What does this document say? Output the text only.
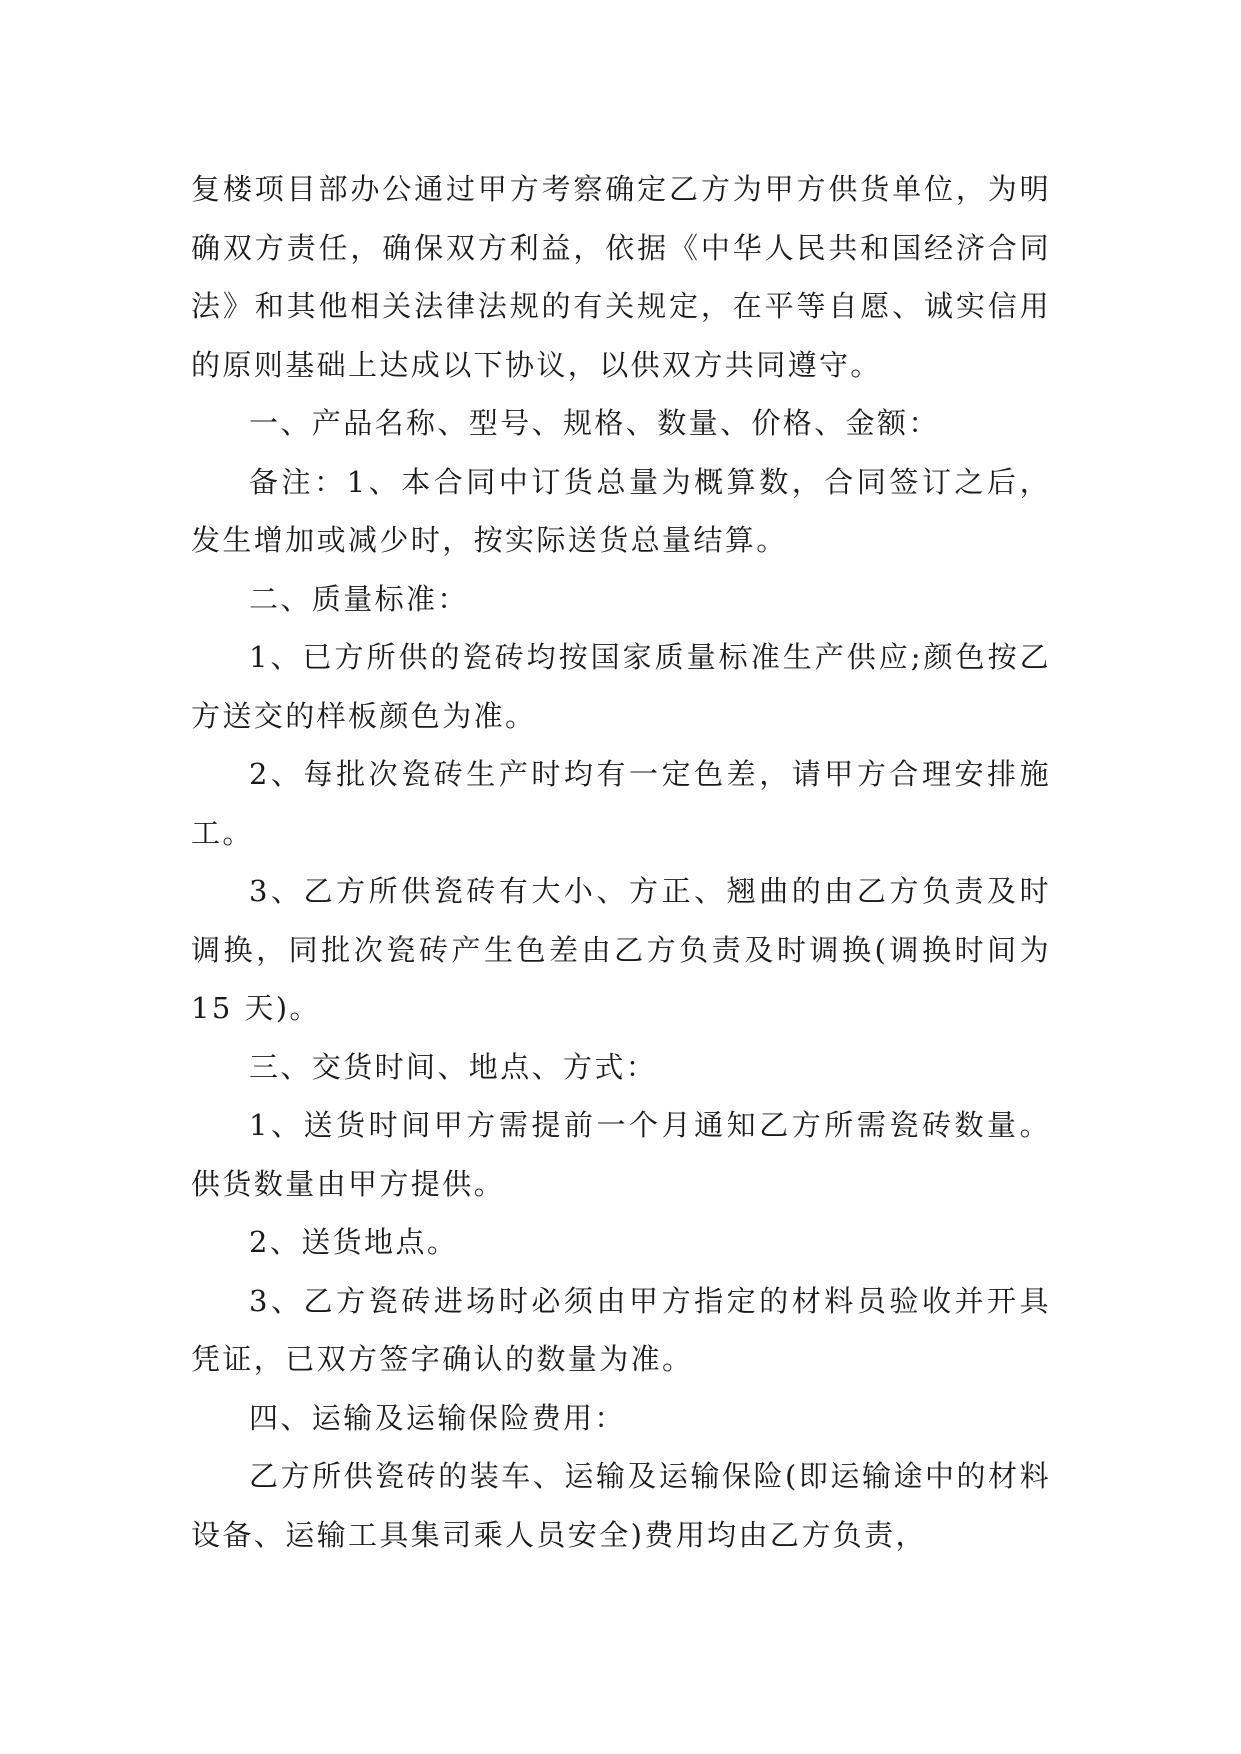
复楼项目部办公通过甲方考察确定乙方为甲方供货单位，为明确双方责任，确保双方利益，依据《中华人民共和国经济合同法》和其他相关法律法规的有关规定，在平等自愿、诚实信用的原则基础上达成以下协议，以供双方共同遵守。

一、产品名称、型号、规格、数量、价格、金额：

备注：1、本合同中订货总量为概算数，合同签订之后，发生增加或减少时，按实际送货总量结算。

二、质量标准：

1、已方所供的瓷砖均按国家质量标准生产供应;颜色按乙方送交的样板颜色为准。

2、每批次瓷砖生产时均有一定色差，请甲方合理安排施工。

3、乙方所供瓷砖有大小、方正、翘曲的由乙方负责及时调换，同批次瓷砖产生色差由乙方负责及时调换(调换时间为 15 天)。

三、交货时间、地点、方式：

1、送货时间甲方需提前一个月通知乙方所需瓷砖数量。供货数量由甲方提供。

2、送货地点。

3、乙方瓷砖进场时必须由甲方指定的材料员验收并开具凭证，已双方签字确认的数量为准。

四、运输及运输保险费用：

乙方所供瓷砖的装车、运输及运输保险(即运输途中的材料设备、运输工具集司乘人员安全)费用均由乙方负责，
